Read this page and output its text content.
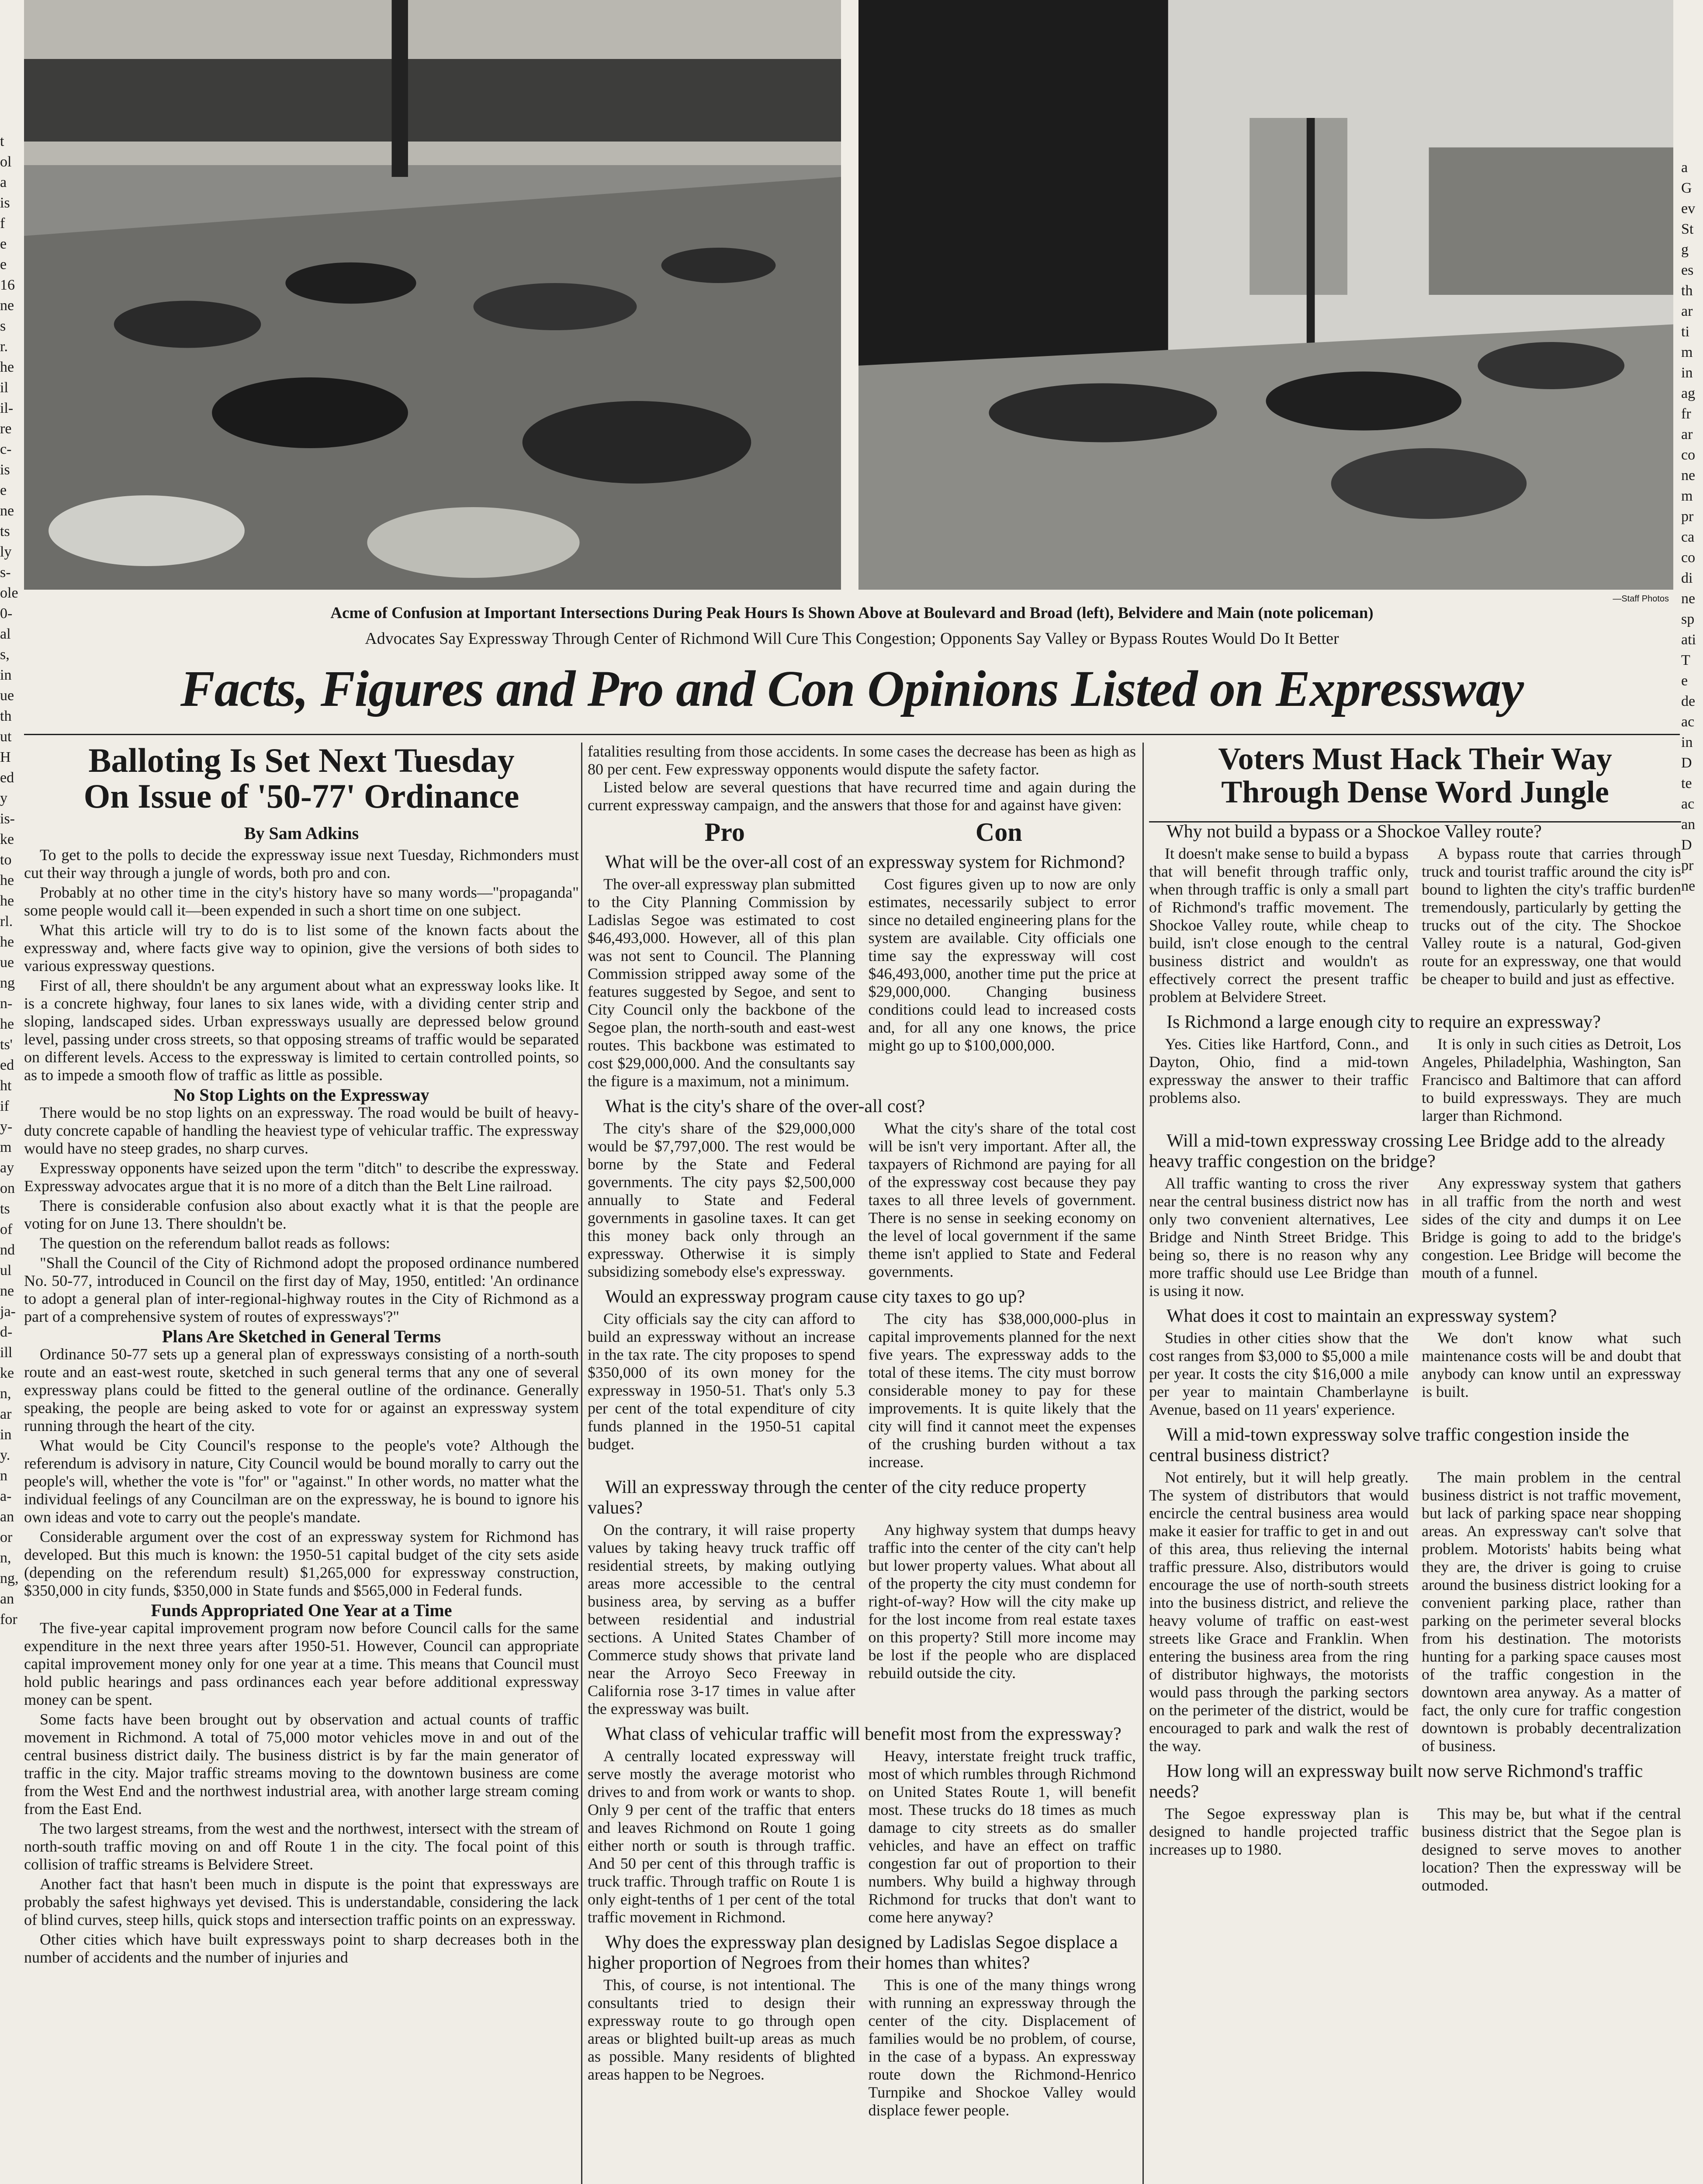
t
ol
a
is
f
e
e
16
ne
s
r.
he
il
il-
re
c-
is
e
ne
ts
ly
s-
ole
0-
al
s,
in
ue
th
ut
H
ed
y
is-
ke
to
he
he
rl.
he
ue
ng
n-
he
ts'
ed
ht
if
y-
m
ay
on
ts
of
nd
ul
ne
ja-
d-
ill
ke
n,
ar
in
y.
n
a-
an
or
n,
ng,
an
for
a
G
ev
St
g
es
th
ar
ti
m
in
ag
fr
ar
co
ne
m
pr
ca
co
di
ne
sp
ati
T
e
de
ac
in
D
te
ac
an
D
pr
ne
—Staff Photos
Acme of Confusion at Important Intersections During Peak Hours Is Shown Above at Boulevard and Broad (left), Belvidere and Main (note policeman)
Advocates Say Expressway Through Center of Richmond Will Cure This Congestion; Opponents Say Valley or Bypass Routes Would Do It Better
Facts, Figures and Pro and Con Opinions Listed on Expressway
Balloting Is Set Next Tuesday
On Issue of '50-77' Ordinance
By Sam Adkins

To get to the polls to decide the expressway issue next Tuesday, Richmonders must cut their way through a jungle of words, both pro and con.

Probably at no other time in the city's history have so many words—"propaganda" some people would call it—been expended in such a short time on one subject.

What this article will try to do is to list some of the known facts about the expressway and, where facts give way to opinion, give the versions of both sides to various expressway questions.

First of all, there shouldn't be any argument about what an expressway looks like. It is a concrete highway, four lanes to six lanes wide, with a dividing center strip and sloping, landscaped sides. Urban expressways usually are depressed below ground level, passing under cross streets, so that opposing streams of traffic would be separated on different levels. Access to the expressway is limited to certain controlled points, so as to impede a smooth flow of traffic as little as possible.

No Stop Lights on the Expressway

There would be no stop lights on an expressway. The road would be built of heavy-duty concrete capable of handling the heaviest type of vehicular traffic. The expressway would have no steep grades, no sharp curves.

Expressway opponents have seized upon the term "ditch" to describe the expressway. Expressway advocates argue that it is no more of a ditch than the Belt Line railroad.

There is considerable confusion also about exactly what it is that the people are voting for on June 13. There shouldn't be.

The question on the referendum ballot reads as follows:

"Shall the Council of the City of Richmond adopt the proposed ordinance numbered No. 50-77, introduced in Council on the first day of May, 1950, entitled: 'An ordinance to adopt a general plan of inter-regional-highway routes in the City of Richmond as a part of a comprehensive system of routes of expressways'?"

Plans Are Sketched in General Terms

Ordinance 50-77 sets up a general plan of expressways consisting of a north-south route and an east-west route, sketched in such general terms that any one of several expressway plans could be fitted to the general outline of the ordinance. Generally speaking, the people are being asked to vote for or against an expressway system running through the heart of the city.

What would be City Council's response to the people's vote? Although the referendum is advisory in nature, City Council would be bound morally to carry out the people's will, whether the vote is "for" or "against." In other words, no matter what the individual feelings of any Councilman are on the expressway, he is bound to ignore his own ideas and vote to carry out the people's mandate.

Considerable argument over the cost of an expressway system for Richmond has developed. But this much is known: the 1950-51 capital budget of the city sets aside (depending on the referendum result) $1,265,000 for expressway construction, $350,000 in city funds, $350,000 in State funds and $565,000 in Federal funds.

Funds Appropriated One Year at a Time

The five-year capital improvement program now before Council calls for the same expenditure in the next three years after 1950-51. However, Council can appropriate capital improvement money only for one year at a time. This means that Council must hold public hearings and pass ordinances each year before additional expressway money can be spent.

Some facts have been brought out by observation and actual counts of traffic movement in Richmond. A total of 75,000 motor vehicles move in and out of the central business district daily. The business district is by far the main generator of traffic in the city. Major traffic streams moving to the downtown business are come from the West End and the northwest industrial area, with another large stream coming from the East End.

The two largest streams, from the west and the northwest, intersect with the stream of north-south traffic moving on and off Route 1 in the city. The focal point of this collision of traffic streams is Belvidere Street.

Another fact that hasn't been much in dispute is the point that expressways are probably the safest highways yet devised. This is understandable, considering the lack of blind curves, steep hills, quick stops and intersection traffic points on an expressway.

Other cities which have built expressways point to sharp decreases both in the number of accidents and the number of injuries and

fatalities resulting from those accidents. In some cases the decrease has been as high as 80 per cent. Few expressway opponents would dispute the safety factor.
Listed below are several questions that have recurred time and again during the current expressway campaign, and the answers that those for and against have given:
Pro	Con
What will be the over-all cost of an expressway system for Richmond?
The over-all expressway plan submitted to the City Planning Commission by Ladislas Segoe was estimated to cost $46,493,000. However, all of this plan was not sent to Council. The Planning Commission stripped away some of the features suggested by Segoe, and sent to City Council only the backbone of the Segoe plan, the north-south and east-west routes. This backbone was estimated to cost $29,000,000. And the consultants say the figure is a maximum, not a minimum.
Cost figures given up to now are only estimates, necessarily subject to error since no detailed engineering plans for the system are available. City officials one time say the expressway will cost $46,493,000, another time put the price at $29,000,000. Changing business conditions could lead to increased costs and, for all any one knows, the price might go up to $100,000,000.
What is the city's share of the over-all cost?
The city's share of the $29,000,000 would be $7,797,000. The rest would be borne by the State and Federal governments. The city pays $2,500,000 annually to State and Federal governments in gasoline taxes. It can get this money back only through an expressway. Otherwise it is simply subsidizing somebody else's expressway.
What the city's share of the total cost will be isn't very important. After all, the taxpayers of Richmond are paying for all of the expressway cost because they pay taxes to all three levels of government. There is no sense in seeking economy on the level of local government if the same theme isn't applied to State and Federal governments.
Would an expressway program cause city taxes to go up?
City officials say the city can afford to build an expressway without an increase in the tax rate. The city proposes to spend $350,000 of its own money for the expressway in 1950-51. That's only 5.3 per cent of the total expenditure of city funds planned in the 1950-51 capital budget.
The city has $38,000,000-plus in capital improvements planned for the next five years. The expressway adds to the total of these items. The city must borrow considerable money to pay for these improvements. It is quite likely that the city will find it cannot meet the expenses of the crushing burden without a tax increase.
Will an expressway through the center of the city reduce property values?
On the contrary, it will raise property values by taking heavy truck traffic off residential streets, by making outlying areas more accessible to the central business area, by serving as a buffer between residential and industrial sections. A United States Chamber of Commerce study shows that private land near the Arroyo Seco Freeway in California rose 3-17 times in value after the expressway was built.
Any highway system that dumps heavy traffic into the center of the city can't help but lower property values. What about all of the property the city must condemn for right-of-way? How will the city make up for the lost income from real estate taxes on this property? Still more income may be lost if the people who are displaced rebuild outside the city.
What class of vehicular traffic will benefit most from the expressway?
A centrally located expressway will serve mostly the average motorist who drives to and from work or wants to shop. Only 9 per cent of the traffic that enters and leaves Richmond on Route 1 going either north or south is through traffic. And 50 per cent of this through traffic is truck traffic. Through traffic on Route 1 is only eight-tenths of 1 per cent of the total traffic movement in Richmond.
Heavy, interstate freight truck traffic, most of which rumbles through Richmond on United States Route 1, will benefit most. These trucks do 18 times as much damage to city streets as do smaller vehicles, and have an effect on traffic congestion far out of proportion to their numbers. Why build a highway through Richmond for trucks that don't want to come here anyway?
Why does the expressway plan designed by Ladislas Segoe displace a higher proportion of Negroes from their homes than whites?
This, of course, is not intentional. The consultants tried to design their expressway route to go through open areas or blighted built-up areas as much as possible. Many residents of blighted areas happen to be Negroes.
This is one of the many things wrong with running an expressway through the center of the city. Displacement of families would be no problem, of course, in the case of a bypass. An expressway route down the Richmond-Henrico Turnpike and Shockoe Valley would displace fewer people.
Voters Must Hack Their Way
Through Dense Word Jungle
Why not build a bypass or a Shockoe Valley route?
It doesn't make sense to build a bypass that will benefit through traffic only, when through traffic is only a small part of Richmond's traffic movement. The Shockoe Valley route, while cheap to build, isn't close enough to the central business district and wouldn't as effectively correct the present traffic problem at Belvidere Street.
A bypass route that carries through truck and tourist traffic around the city is bound to lighten the city's traffic burden tremendously, particularly by getting the trucks out of the city. The Shockoe Valley route is a natural, God-given route for an expressway, one that would be cheaper to build and just as effective.
Is Richmond a large enough city to require an expressway?
Yes. Cities like Hartford, Conn., and Dayton, Ohio, find a mid-town expressway the answer to their traffic problems also.
It is only in such cities as Detroit, Los Angeles, Philadelphia, Washington, San Francisco and Baltimore that can afford to build expressways. They are much larger than Richmond.
Will a mid-town expressway crossing Lee Bridge add to the already heavy traffic congestion on the bridge?
All traffic wanting to cross the river near the central business district now has only two convenient alternatives, Lee Bridge and Ninth Street Bridge. This being so, there is no reason why any more traffic should use Lee Bridge than is using it now.
Any expressway system that gathers in all traffic from the north and west sides of the city and dumps it on Lee Bridge is going to add to the bridge's congestion. Lee Bridge will become the mouth of a funnel.
What does it cost to maintain an expressway system?
Studies in other cities show that the cost ranges from $3,000 to $5,000 a mile per year. It costs the city $16,000 a mile per year to maintain Chamberlayne Avenue, based on 11 years' experience.
We don't know what such maintenance costs will be and doubt that anybody can know until an expressway is built.
Will a mid-town expressway solve traffic congestion inside the central business district?
Not entirely, but it will help greatly. The system of distributors that would encircle the central business area would make it easier for traffic to get in and out of this area, thus relieving the internal traffic pressure. Also, distributors would encourage the use of north-south streets into the business district, and relieve the heavy volume of traffic on east-west streets like Grace and Franklin. When entering the business area from the ring of distributor highways, the motorists would pass through the parking sectors on the perimeter of the district, would be encouraged to park and walk the rest of the way.
The main problem in the central business district is not traffic movement, but lack of parking space near shopping areas. An expressway can't solve that problem. Motorists' habits being what they are, the driver is going to cruise around the business district looking for a convenient parking place, rather than parking on the perimeter several blocks from his destination. The motorists hunting for a parking space causes most of the traffic congestion in the downtown area anyway. As a matter of fact, the only cure for traffic congestion downtown is probably decentralization of business.
How long will an expressway built now serve Richmond's traffic needs?
The Segoe expressway plan is designed to handle projected traffic increases up to 1980.
This may be, but what if the central business district that the Segoe plan is designed to serve moves to another location? Then the expressway will be outmoded.
